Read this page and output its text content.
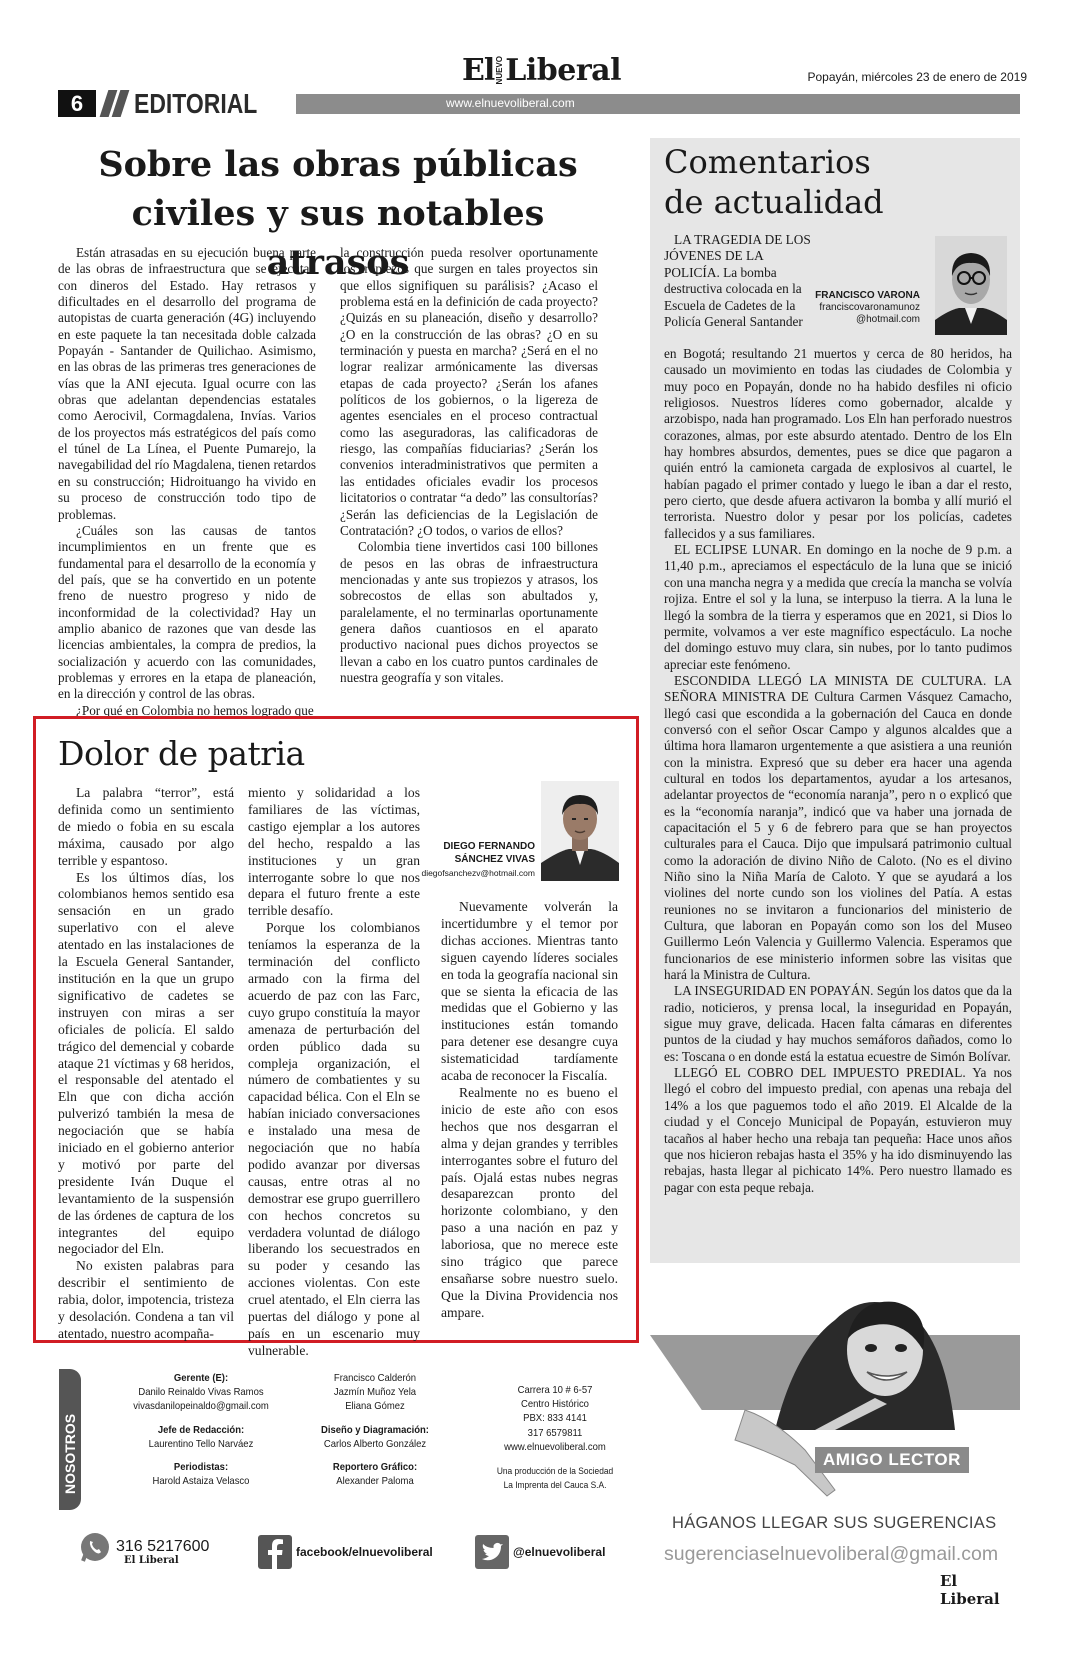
El NUEVO Liberal	Popayán, miércoles 23 de enero de 2019
6	EDITORIAL	www.elnuevoliberal.com
Sobre las obras públicas civiles y sus notables atrasos

Están atrasadas en su ejecución buena parte de las obras de infraestructura que se ejecutan con dineros del Estado. Hay retrasos y dificultades en el desarrollo del programa de autopistas de cuarta generación (4G) incluyendo en este paquete la tan necesitada doble calzada Popayán - Santander de Quilichao. Asimismo, en las obras de las primeras tres generaciones de vías que la ANI ejecuta. Igual ocurre con las obras que adelantan dependencias estatales como Aerocivil, Cormagdalena, Invías. Varios de los proyectos más estratégicos del país como el túnel de La Línea, el Puente Pumarejo, la navegabilidad del río Magdalena, tienen retardos en su construcción; Hidroituango ha vivido en su proceso de construcción todo tipo de problemas.

¿Cuáles son las causas de tantos incumplimientos en un frente que es fundamental para el desarrollo de la economía y del país, que se ha convertido en un potente freno de nuestro progreso y nido de inconformidad de la colectividad? Hay un amplio abanico de razones que van desde las licencias ambientales, la compra de predios, la socialización y acuerdo con las comunidades, problemas y errores en la etapa de planeación, en la dirección y control de las obras.

¿Por qué en Colombia no hemos logrado que

la construcción pueda resolver oportunamente los tropiezos que surgen en tales proyectos sin que ellos signifiquen su parálisis? ¿Acaso el problema está en la definición de cada proyecto? ¿Quizás en su planeación, diseño y desarrollo? ¿O en la construcción de las obras? ¿O en su terminación y puesta en marcha? ¿Será en el no lograr realizar armónicamente las diversas etapas de cada proyecto? ¿Serán los afanes políticos de los gobiernos, o la ligereza de agentes esenciales en el proceso contractual como las aseguradoras, las calificadoras de riesgo, las compañías fiduciarias? ¿Serán los convenios interadministrativos que permiten a las entidades oficiales evadir los procesos licitatorios o contratar “a dedo” las consultorías? ¿Serán las deficiencias de la Legislación de Contratación? ¿O todos, o varios de ellos?

Colombia tiene invertidos casi 100 billones de pesos en las obras de infraestructura mencionadas y ante sus tropiezos y atrasos, los sobrecostos de ellas son abultados y, paralelamente, el no terminarlas oportunamente genera daños cuantiosos en el aparato productivo nacional pues dichos proyectos se llevan a cabo en los cuatro puntos cardinales de nuestra geografía y son vitales.

Dolor de patria
DIEGO FERNANDO
SÁNCHEZ VIVAS
diegofsanchezv@hotmail.com

La palabra “terror”, está definida como un sentimiento de miedo o fobia en su escala máxima, causado por algo terrible y espantoso.

Es los últimos días, los colombianos hemos sentido esa sensación en un grado superlativo con el aleve atentado en las instalaciones de la Escuela General Santander, institución en la que un grupo significativo de cadetes se instruyen con miras a ser oficiales de policía. El saldo trágico del demencial y cobarde ataque 21 víctimas y 68 heridos, el responsable del atentado el Eln que con dicha acción pulverizó también la mesa de negociación que se había iniciado en el gobierno anterior y motivó por parte del presidente Iván Duque el levantamiento de la suspensión de las órdenes de captura de los integrantes del equipo negociador del Eln.

No existen palabras para describir el sentimiento de rabia, dolor, impotencia, tristeza y desolación. Condena a tan vil atentado, nuestro acompaña-

miento y solidaridad a los familiares de las víctimas, castigo ejemplar a los autores del hecho, respaldo a las instituciones y un gran interrogante sobre lo que nos depara el futuro frente a este terrible desafío.

Porque los colombianos teníamos la esperanza de la terminación del conflicto armado con la firma del acuerdo de paz con las Farc, cuyo grupo constituía la mayor amenaza de perturbación del orden público dada su compleja organización, el número de combatientes y su capacidad bélica. Con el Eln se habían iniciado conversaciones e instalado una mesa de negociación que no había podido avanzar por diversas causas, entre otras al no demostrar ese grupo guerrillero con hechos concretos su verdadera voluntad de diálogo liberando los secuestrados en su poder y cesando las acciones violentas. Con este cruel atentado, el Eln cierra las puertas del diálogo y pone al país en un escenario muy vulnerable.

Nuevamente volverán la incertidumbre y el temor por dichas acciones. Mientras tanto siguen cayendo líderes sociales en toda la geografía nacional sin que se sienta la eficacia de las medidas que el Gobierno y las instituciones están tomando para detener ese desangre cuya sistematicidad tardíamente acaba de reconocer la Fiscalía.

Realmente no es bueno el inicio de este año con esos hechos que nos desgarran el alma y dejan grandes y terribles interrogantes sobre el futuro del país. Ojalá estas nubes negras desaparezcan pronto del horizonte colombiano, y den paso a una nación en paz y laboriosa, que no merece este sino trágico que parece ensañarse sobre nuestro suelo. Que la Divina Providencia nos ampare.

Comentarios
de actualidad

LA TRAGEDIA DE LOS JÓVENES DE LA POLICÍA. La bomba destructiva colocada en la Escuela de Cadetes de la Policía General Santander

FRANCISCO VARONA
franciscovaronamunoz
@hotmail.com

en Bogotá; resultando 21 muertos y cerca de 80 heridos, ha causado un movimiento en todas las ciudades de Colombia y muy poco en Popayán, donde no ha habido desfiles ni oficio religiosos. Nuestros líderes como gobernador, alcalde y arzobispo, nada han programado. Los Eln han perforado nuestros corazones, almas, por este absurdo atentado. Dentro de los Eln hay hombres absurdos, dementes, pues se dice que pagaron a quién entró la camioneta cargada de explosivos al cuartel, le habían pagado el primer contado y luego le iban a dar el resto, pero cierto, que desde afuera activaron la bomba y allí murió el terrorista. Nuestro dolor y pesar por los policías, cadetes fallecidos y a sus familiares.

EL ECLIPSE LUNAR. En domingo en la noche de 9 p.m. a 11,40 p.m., apreciamos el espectáculo de la luna que se inició con una mancha negra y a medida que crecía la mancha se volvía rojiza. Entre el sol y la luna, se interpuso la tierra. A la luna le llegó la sombra de la tierra y esperamos que en 2021, si Dios lo permite, volvamos a ver este magnífico espectáculo. La noche del domingo estuvo muy clara, sin nubes, por lo tanto pudimos apreciar este fenómeno.

ESCONDIDA LLEGÓ LA MINISTA DE CULTURA. LA SEÑORA MINISTRA DE Cultura Carmen Vásquez Camacho, llegó casi que escondida a la gobernación del Cauca en donde conversó con el señor Oscar Campo y algunos alcaldes que a última hora llamaron urgentemente a que asistiera a una reunión con la ministra. Expresó que su deber era hacer una agenda cultural en todos los departamentos, ayudar a los artesanos, adelantar proyectos de “economía naranja”, pero n o explicó que es la “economía naranja”, indicó que va haber una jornada de capacitación el 5 y 6 de febrero para que se han proyectos culturales para el Cauca. Dijo que impulsará patrimonio cultual como la adoración de divino Niño de Caloto. (No es el divino Niño sino la Niña María de Caloto. Y que se ayudará a los violines del norte cundo son los violines del Patía. A estas reuniones no se invitaron a funcionarios del ministerio de Cultura, que laboran en Popayán como son los del Museo Guillermo León Valencia y Guillermo Valencia. Esperamos que funcionarios de ese ministerio informen sobre las visitas que hará la Ministra de Cultura.

LA INSEGURIDAD EN POPAYÁN. Según los datos que da la radio, noticieros, y prensa local, la inseguridad en Popayán, sigue muy grave, delicada. Hacen falta cámaras en diferentes puntos de la ciudad y hay muchos semáforos dañados, como lo es: Toscana o en donde está la estatua ecuestre de Simón Bolívar.

LLEGÓ EL COBRO DEL IMPUESTO PREDIAL. Ya nos llegó el cobro del impuesto predial, con apenas una rebaja del 14% a los que paguemos todo el año 2019. El Alcalde de la ciudad y el Concejo Municipal de Popayán, estuvieron muy tacaños al haber hecho una rebaja tan pequeña: Hace unos años que nos hicieron rebajas hasta el 35% y ha ido disminuyendo las rebajas, hasta llegar al pichicato 14%. Pero nuestro llamado es pagar con esta peque rebaja.

NOSOTROS
Gerente (E):
Danilo Reinaldo Vivas Ramos
vivasdanilореinaldo@gmail.com
Jefe de Redacción:
Laurentino Tello Narváez
Periodistas:
Harold Astaiza Velasco
Francisco Calderón
Jazmín Muñoz Yela
Eliana Gómez
Diseño y Diagramación:
Carlos Alberto González
Reportero Gráfico:
Alexander Paloma
Carrera 10 # 6-57
Centro Histórico
PBX: 833 4141
317 6579811
www.elnuevoliberal.com
Una producción de la Sociedad
La Imprenta del Cauca S.A.
316 5217600
El Liberal
facebook/elnuevoliberal	@elnuevoliberal
AMIGO LECTOR
HÁGANOS LLEGAR SUS SUGERENCIAS
sugerenciaselnuevoliberal@gmail.com
El Liberal
